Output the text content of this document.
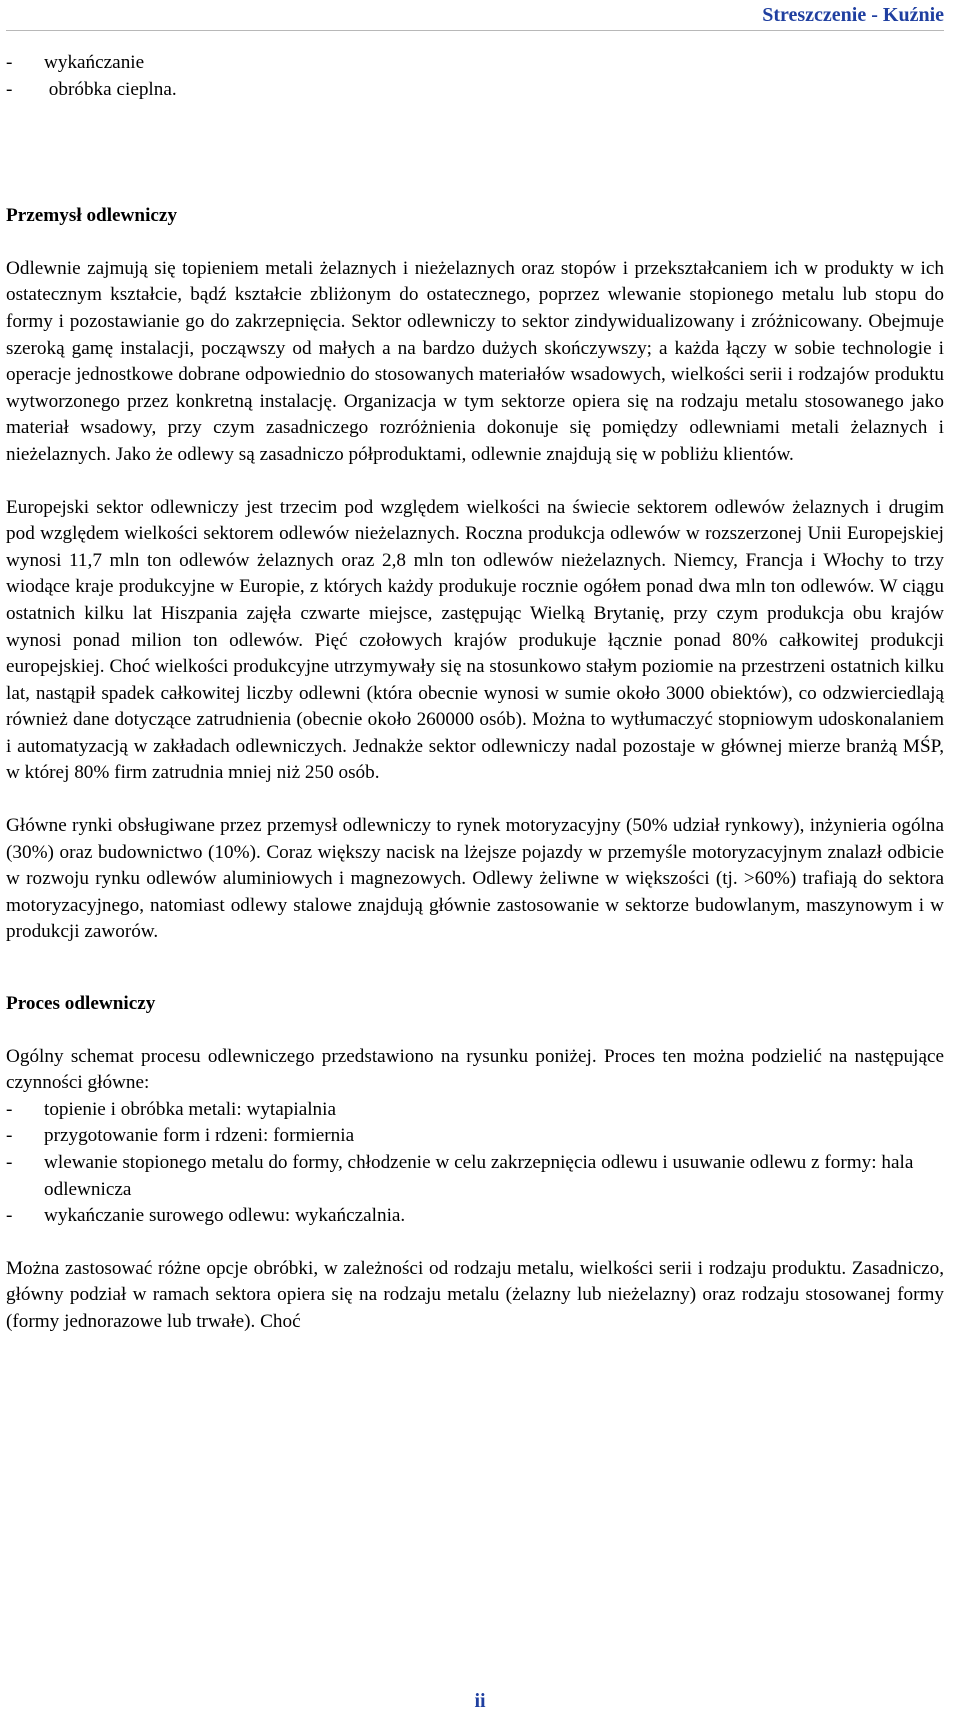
Streszczenie - Kuźnie
- wykańczanie
- obróbka cieplna.
Przemysł odlewniczy

Odlewnie zajmują się topieniem metali żelaznych i nieżelaznych oraz stopów i przekształcaniem ich w produkty w ich ostatecznym kształcie, bądź kształcie zbliżonym do ostatecznego, poprzez wlewanie stopionego metalu lub stopu do formy i pozostawianie go do zakrzepnięcia. Sektor odlewniczy to sektor zindywidualizowany i zróżnicowany. Obejmuje szeroką gamę instalacji, począwszy od małych a na bardzo dużych skończywszy; a każda łączy w sobie technologie i operacje jednostkowe dobrane odpowiednio do stosowanych materiałów wsadowych, wielkości serii i rodzajów produktu wytworzonego przez konkretną instalację. Organizacja w tym sektorze opiera się na rodzaju metalu stosowanego jako materiał wsadowy, przy czym zasadniczego rozróżnienia dokonuje się pomiędzy odlewniami metali żelaznych i nieżelaznych. Jako że odlewy są zasadniczo półproduktami, odlewnie znajdują się w pobliżu klientów.

Europejski sektor odlewniczy jest trzecim pod względem wielkości na świecie sektorem odlewów żelaznych i drugim pod względem wielkości sektorem odlewów nieżelaznych. Roczna produkcja odlewów w rozszerzonej Unii Europejskiej wynosi 11,7 mln ton odlewów żelaznych oraz 2,8 mln ton odlewów nieżelaznych. Niemcy, Francja i Włochy to trzy wiodące kraje produkcyjne w Europie, z których każdy produkuje rocznie ogółem ponad dwa mln ton odlewów. W ciągu ostatnich kilku lat Hiszpania zajęła czwarte miejsce, zastępując Wielką Brytanię, przy czym produkcja obu krajów wynosi ponad milion ton odlewów. Pięć czołowych krajów produkuje łącznie ponad 80% całkowitej produkcji europejskiej. Choć wielkości produkcyjne utrzymywały się na stosunkowo stałym poziomie na przestrzeni ostatnich kilku lat, nastąpił spadek całkowitej liczby odlewni (która obecnie wynosi w sumie około 3000 obiektów), co odzwierciedlają również dane dotyczące zatrudnienia (obecnie około 260000 osób). Można to wytłumaczyć stopniowym udoskonalaniem i automatyzacją w zakładach odlewniczych. Jednakże sektor odlewniczy nadal pozostaje w głównej mierze branżą MŚP, w której 80% firm zatrudnia mniej niż 250 osób.

Główne rynki obsługiwane przez przemysł odlewniczy to rynek motoryzacyjny (50% udział rynkowy), inżynieria ogólna (30%) oraz budownictwo (10%). Coraz większy nacisk na lżejsze pojazdy w przemyśle motoryzacyjnym znalazł odbicie w rozwoju rynku odlewów aluminiowych i magnezowych. Odlewy żeliwne w większości (tj. >60%) trafiają do sektora motoryzacyjnego, natomiast odlewy stalowe znajdują głównie zastosowanie w sektorze budowlanym, maszynowym i w produkcji zaworów.

Proces odlewniczy

Ogólny schemat procesu odlewniczego przedstawiono na rysunku poniżej. Proces ten można podzielić na następujące czynności główne:

- topienie i obróbka metali: wytapialnia
- przygotowanie form i rdzeni: formiernia
- wlewanie stopionego metalu do formy, chłodzenie w celu zakrzepnięcia odlewu i usuwanie odlewu z formy: hala odlewnicza
- wykańczanie surowego odlewu: wykańczalnia.

Można zastosować różne opcje obróbki, w zależności od rodzaju metalu, wielkości serii i rodzaju produktu. Zasadniczo, główny podział w ramach sektora opiera się na rodzaju metalu (żelazny lub nieżelazny) oraz rodzaju stosowanej formy (formy jednorazowe lub trwałe). Choć

ii
